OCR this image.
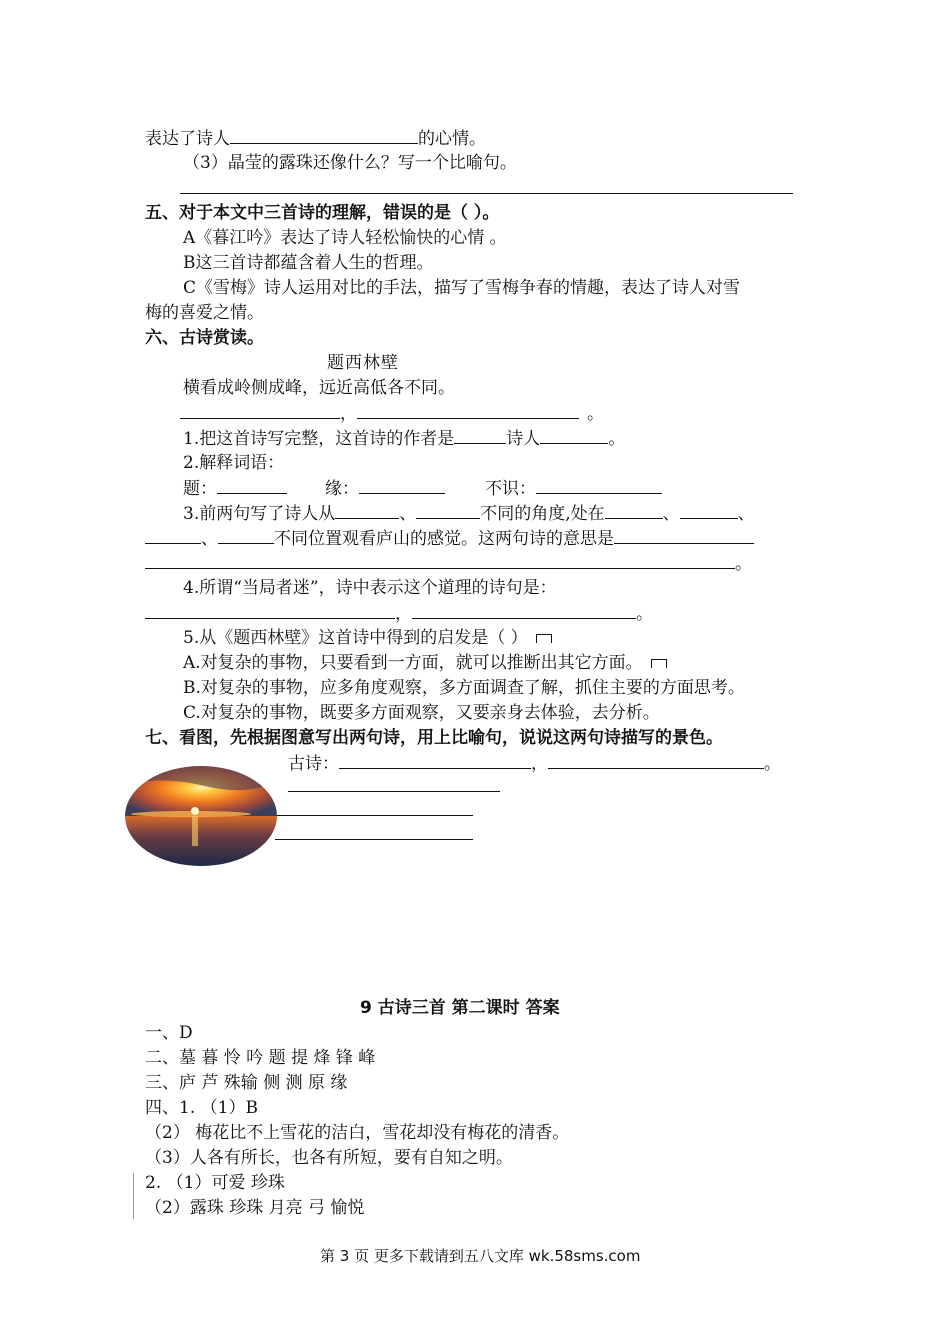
表达了诗人	的心情。
（3）晶莹的露珠还像什么？写一个比喻句。
五、对于本文中三首诗的理解，错误的是（ ）。
A《暮江吟》表达了诗人轻松愉快的心情 。
B这三首诗都蕴含着人生的哲理。
C《雪梅》诗人运用对比的手法，描写了雪梅争春的情趣，表达了诗人对雪
梅的喜爱之情。
六、古诗赏读。
题西林壁
横看成岭侧成峰，远近高低各不同。
，	。
1.把这首诗写完整，这首诗的作者是	诗人	。
2.解释词语：
题：	缘：	不识：
3.前两句写了诗人从	、	不同的角度,处在	、	、
、	不同位置观看庐山的感觉。这两句诗的意思是
。
4.所谓“当局者迷”，诗中表示这个道理的诗句是：
，	。
5.从《题西林壁》这首诗中得到的启发是（ ）
A.对复杂的事物，只要看到一方面，就可以推断出其它方面。
B.对复杂的事物，应多角度观察，多方面调查了解，抓住主要的方面思考。
C.对复杂的事物，既要多方面观察，又要亲身去体验，去分析。
七、看图，先根据图意写出两句诗，用上比喻句，说说这两句诗描写的景色。
古诗：	，	。
9 古诗三首 第二课时 答案
一、D
二、墓 暮 怜 吟 题 提 烽 锋 峰
三、庐 芦 殊输 侧 测 原 缘
四、1. （1）B
（2） 梅花比不上雪花的洁白，雪花却没有梅花的清香。
（3）人各有所长，也各有所短，要有自知之明。
2. （1）可爱 珍珠
（2）露珠 珍珠 月亮 弓 愉悦
第 3 页 更多下载请到五八文库 wk.58sms.com
